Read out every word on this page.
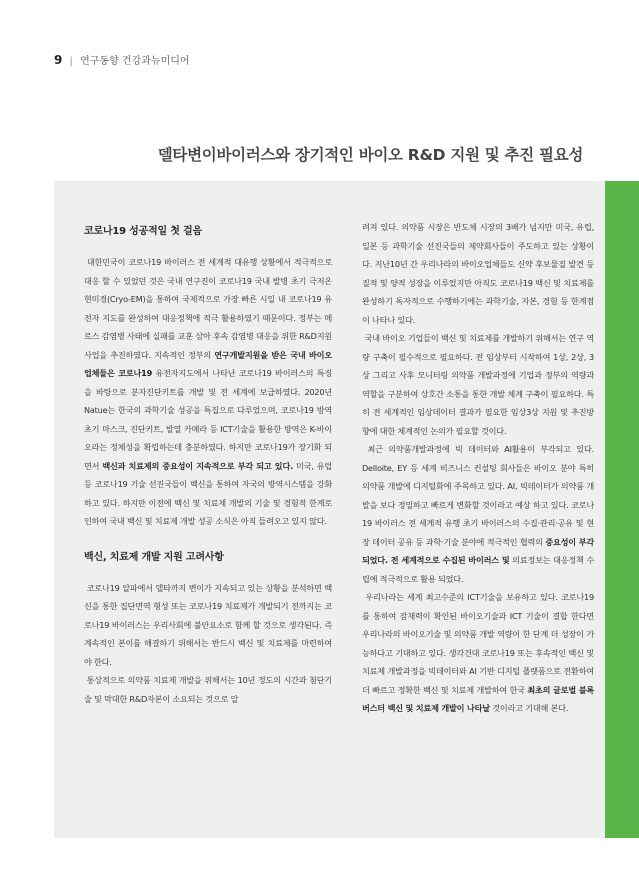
9 | 연구동향 건강과뉴미디어
델타변이바이러스와 장기적인 바이오 R&D 지원 및 추진 필요성
코로나19 성공적일 첫 걸음

대한민국이 코로나19 바이러스 전 세계적 대유행 상황에서 적극적으로 대응 할 수 있었던 것은 국내 연구진이 코로나19 국내 발병 초기 극저온 현미경(Cryo-EM)을 통하여 국제적으로 가장 빠른 시일 내 코로나19 유전자 지도를 완성하여 대응정책에 적극 활용하였기 때문이다. 정부는 메르스 감염병 사태에 실패를 교훈 삼아 후속 감염병 대응을 위한 R&D지원 사업을 추진하였다. 지속적인 정부의 연구개발지원을 받은 국내 바이오업체들은 코로나19 유전자지도에서 나타난 코로나19 바이러스의 특징을 바탕으로 분자진단키트를 개발 및 전 세계에 보급하였다. 2020년 Natue는 한국의 과학기술 성공을 특집으로 다루었으며, 코로나19 방역초기 마스크, 진단키트, 발열 카메라 등 ICT기술을 활용한 방역은 K-바이오라는 정체성을 확립하는데 충분하였다. 하지만 코로나19가 장기화 되면서 백신과 치료제의 중요성이 지속적으로 부각 되고 있다. 미국, 유럽등 코로나19 기술 선진국들이 백신을 통하여 자국의 방역시스템을 강화하고 있다. 하지만 이전에 백신 및 치료제 개발의 기술 및 경험적 한계로 인하여 국내 백신 및 치료제 개발 성공 소식은 아직 들려오고 있지 않다.

백신, 치료제 개발 지원 고려사항

코로나19 알파에서 델타까지 변이가 지속되고 있는 상황을 분석하면 백신을 통한 집단면역 형성 또는 코로나19 치료제가 개발되기 전까지는 코로나19 바이러스는 우리사회에 불안요소로 함께 할 것으로 생각된다. 즉 계속적인 본이를 해결하기 위해서는 반드시 백신 및 치료제를 마련하여야 한다.

통상적으로 의약품 치료제 개발을 위해서는 10년 정도의 시간과 첨단기술 및 막대한 R&D자본이 소요되는 것으로 알

려져 있다. 의약품 시장은 반도체 시장의 3배가 넘지만 미국, 유럽, 일본 등 과학기술 선진국들의 제약회사들이 주도하고 있는 상황이다. 지난10년 간 우리나라의 바이오업체들도 신약 후보물질 발견 등 질적 및 양적 성장을 이루었지만 아직도 코로나19 백신 및 치료제를 완성하기 독자적으로 수행하기에는 과학기술, 자본, 경험 등 한계점이 나타나 있다.

국내 바이오 기업들이 백신 및 치료제를 개발하기 위해서는 연구 역량 구축이 필수적으로 필요하다. 전 임상부터 시작하여 1상, 2상, 3상 그리고 사후 모니터링 의약품 개발과정에 기업과 정부의 역량과 역할을 구분하여 상호간 소통을 통한 개발 체계 구축이 필요하다. 특히 전 세계적인 임상데이터 결과가 필요한 임상3상 지원 및 추진방향에 대한 체계적인 논의가 필요할 것이다.

최근 의약품개발과정에 빅 데이터와 AI활용이 부각되고 있다. Delloite, EY 등 세계 비즈니스 컨설팅 회사들은 바이오 분야 특히 의약품 개발에 디지털화에 주목하고 있다. AI, 빅데이터가 의약품 개발을 보다 정밀하고 빠르게 변화할 것이라고 예상 하고 있다. 코로나19 바이러스 전 세계적 유행 초기 바이러스의 수집·관리·공유 및 현장 데이터 공유 등 과학·기술 분야에 적극적인 협력의 중요성이 부각되었다. 전 세계적으로 수집된 바이러스 및 의료정보는 대응정책 수립에 적극적으로 활용 되었다.

우리나라는 세계 최고수준의 ICT기술을 보유하고 있다. 코로나19를 통하여 잠재력이 확인된 바이오기술과 ICT 기술이 결합 한다면 우리나라의 바이오기술 및 의약품 개발 역량이 한 단계 더 성장이 가능하다고 기대하고 있다. 생각건대 코로나19 또는 후속적인 백신 및 치료제 개발과정을 빅데이터와 AI 기반 디지털 플랫폼으로 전환하여 더 빠르고 정확한 백신 및 치료제 개발하여 한국 최초의 글로벌 블록버스터 백신 및 치료제 개발이 나타날 것이라고 기대해 본다.
